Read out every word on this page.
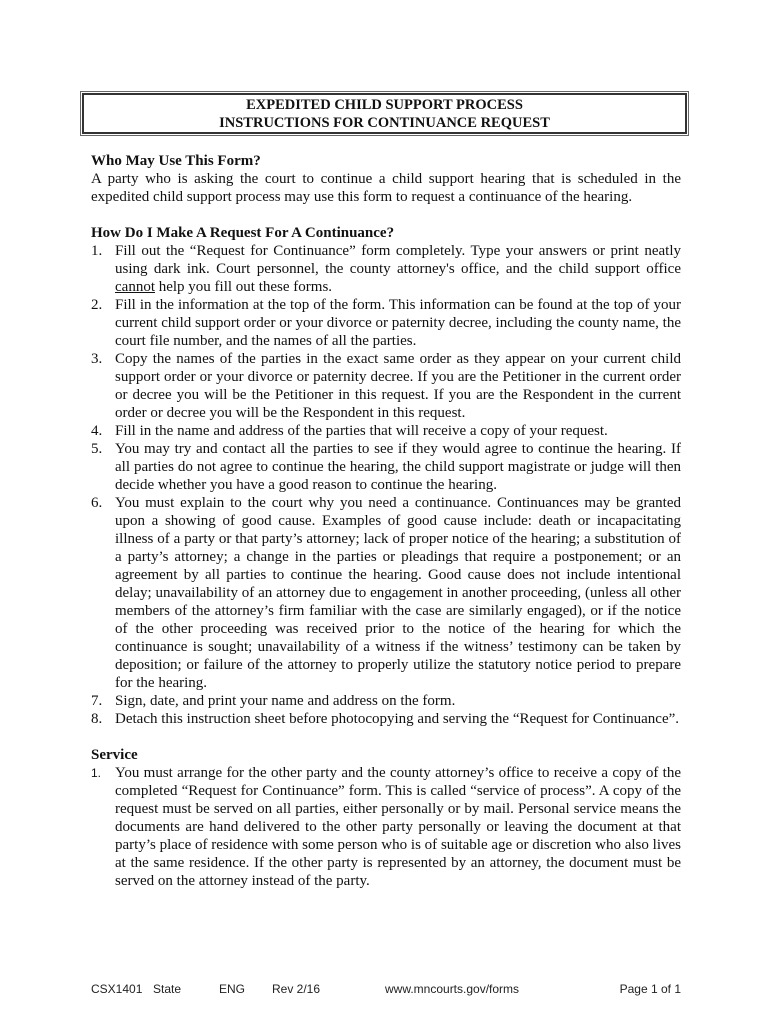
EXPEDITED CHILD SUPPORT PROCESS
INSTRUCTIONS FOR CONTINUANCE REQUEST
Who May Use This Form?

A party who is asking the court to continue a child support hearing that is scheduled in the expedited child support process may use this form to request a continuance of the hearing.

How Do I Make A Request For A Continuance?
1. Fill out the “Request for Continuance” form completely. Type your answers or print neatly using dark ink. Court personnel, the county attorney's office, and the child support office cannot help you fill out these forms.
2. Fill in the information at the top of the form. This information can be found at the top of your current child support order or your divorce or paternity decree, including the county name, the court file number, and the names of all the parties.
3. Copy the names of the parties in the exact same order as they appear on your current child support order or your divorce or paternity decree. If you are the Petitioner in the current order or decree you will be the Petitioner in this request. If you are the Respondent in the current order or decree you will be the Respondent in this request.
4. Fill in the name and address of the parties that will receive a copy of your request.
5. You may try and contact all the parties to see if they would agree to continue the hearing. If all parties do not agree to continue the hearing, the child support magistrate or judge will then decide whether you have a good reason to continue the hearing.
6. You must explain to the court why you need a continuance. Continuances may be granted upon a showing of good cause. Examples of good cause include: death or incapacitating illness of a party or that party’s attorney; lack of proper notice of the hearing; a substitution of a party’s attorney; a change in the parties or pleadings that require a postponement; or an agreement by all parties to continue the hearing. Good cause does not include intentional delay; unavailability of an attorney due to engagement in another proceeding, (unless all other members of the attorney’s firm familiar with the case are similarly engaged), or if the notice of the other proceeding was received prior to the notice of the hearing for which the continuance is sought; unavailability of a witness if the witness’ testimony can be taken by deposition; or failure of the attorney to properly utilize the statutory notice period to prepare for the hearing.
7. Sign, date, and print your name and address on the form.
8. Detach this instruction sheet before photocopying and serving the “Request for Continuance”.
Service
1. You must arrange for the other party and the county attorney’s office to receive a copy of the completed “Request for Continuance” form. This is called “service of process”. A copy of the request must be served on all parties, either personally or by mail. Personal service means the documents are hand delivered to the other party personally or leaving the document at that party’s place of residence with some person who is of suitable age or discretion who also lives at the same residence. If the other party is represented by an attorney, the document must be served on the attorney instead of the party.
CSX1401 State	ENG Rev 2/16	www.mncourts.gov/forms	Page 1 of 1
